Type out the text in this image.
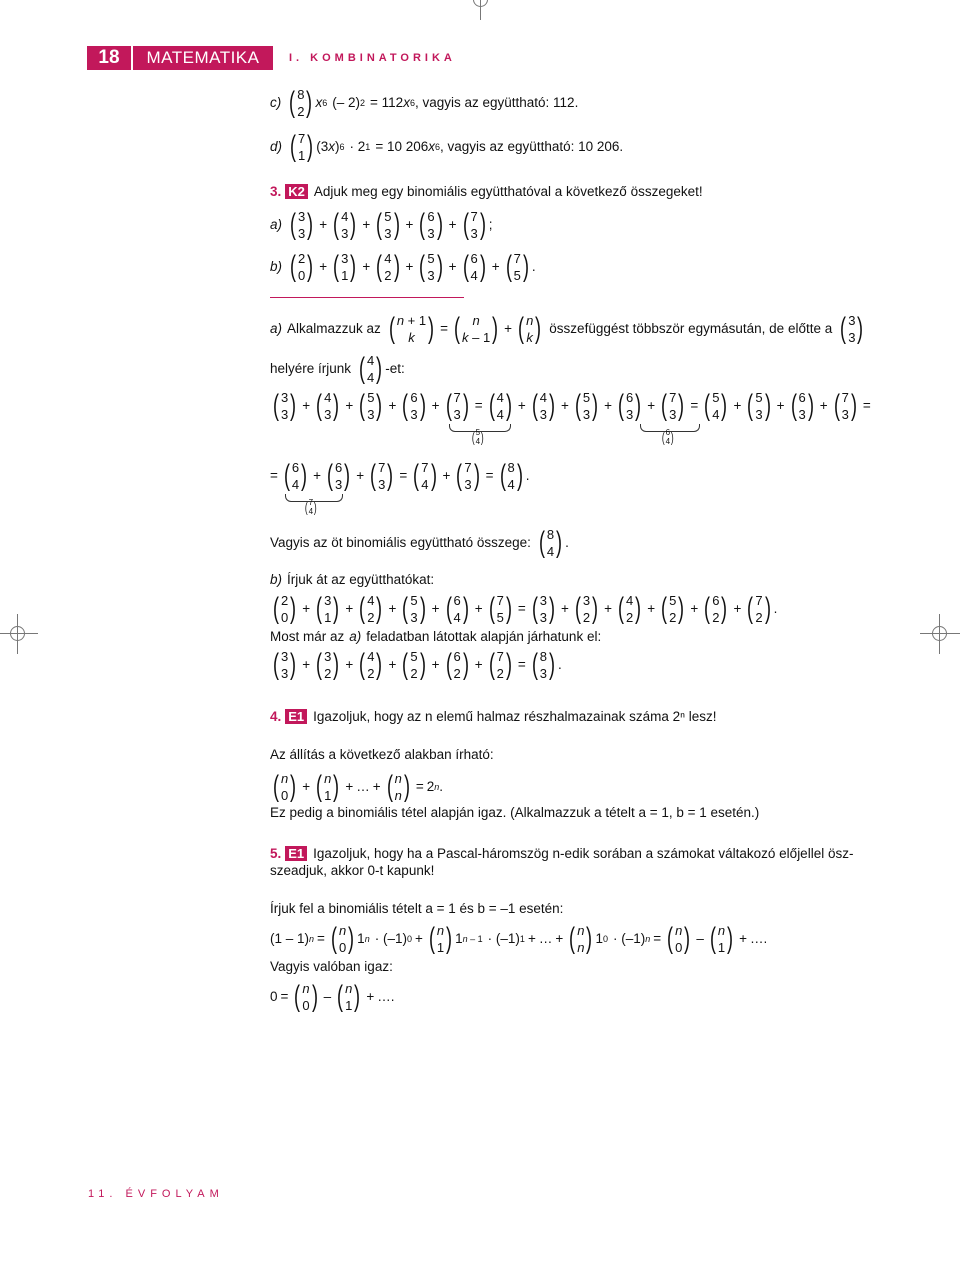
18	MATEMATIKA	I. KOMBINATORIKA
c) ( 8
2 ) x 6 (– 2) 2 = 112 x 6 , vagyis az együttható: 112.
d) ( 7
1 ) (3 x ) 6 · 2 1 = 10 206 x 6 , vagyis az együttható: 10 206.
3. K2 Adjuk meg egy binomiális együtthatóval a következő összegeket!
a) ( 3
3 ) + ( 4
3 ) + ( 5
3 ) + ( 6
3 ) + ( 7
3 ) ;
b) ( 2
0 ) + ( 3
1 ) + ( 4
2 ) + ( 5
3 ) + ( 6
4 ) + ( 7
5 ) .
a) Alkalmazzuk az ( n + 1
k ) = ( n
k – 1 ) + ( n
k ) összefüggést többször egymásután, de előtte a ( 3
3 )
helyére írjunk ( 4
4 ) -et:
( 3
3 ) + ( 4
3 ) + ( 5
3 ) + ( 6
3 ) + ( 7
3 ) = ( 4
4 ) + ( 4
3 ) + ( 5
3 ) + ( 6
3 ) + ( 7
3 ) = ( 5
4 ) + ( 5
3 ) + ( 6
3 ) + ( 7
3 ) =
( 5
4 )	( 6
4 )
= ( 6
4 ) + ( 6
3 ) + ( 7
3 ) = ( 7
4 ) + ( 7
3 ) = ( 8
4 ) .
( 7
4 )
Vagyis az öt binomiális együttható összege: ( 8
4 ) .
b) Írjuk át az együtthatókat:
( 2
0 ) + ( 3
1 ) + ( 4
2 ) + ( 5
3 ) + ( 6
4 ) + ( 7
5 ) = ( 3
3 ) + ( 3
2 ) + ( 4
2 ) + ( 5
2 ) + ( 6
2 ) + ( 7
2 ) .
Most már az a) feladatban látottak alapján járhatunk el:
( 3
3 ) + ( 3
2 ) + ( 4
2 ) + ( 5
2 ) + ( 6
2 ) + ( 7
2 ) = ( 8
3 ) .
4. E1 Igazoljuk, hogy az n elemű halmaz részhalmazainak száma 2ⁿ lesz!
Az állítás a következő alakban írható:
( n
0 ) + ( n
1 ) + … + ( n
n ) = 2 n .
Ez pedig a binomiális tétel alapján igaz. (Alkalmazzuk a tételt a = 1, b = 1 esetén.)
5. E1 Igazoljuk, hogy ha a Pascal-háromszög n-edik sorában a számokat váltakozó előjellel ösz-
szeadjuk, akkor 0-t kapunk!
Írjuk fel a binomiális tételt a = 1 és b = –1 esetén:
(1 – 1) n = ( n
0 ) 1 n · (–1) 0 + ( n
1 ) 1 n – 1 · (–1) 1 + … + ( n
n ) 1 0 · (–1) n = ( n
0 ) – ( n
1 ) + ….
Vagyis valóban igaz:
0 = ( n
0 ) – ( n
1 ) + ….
11. ÉVFOLYAM
